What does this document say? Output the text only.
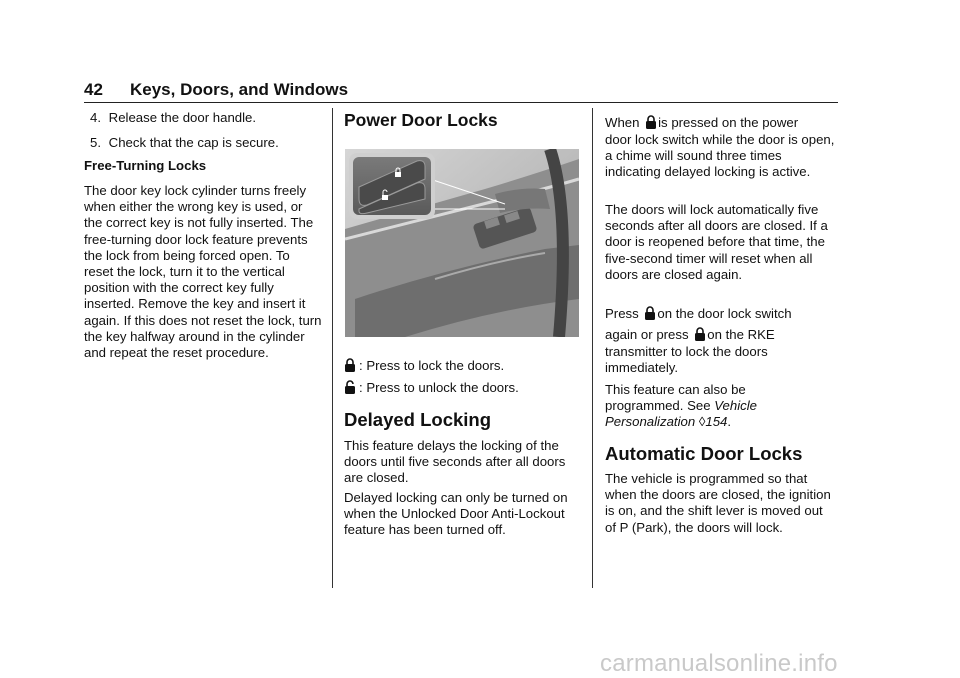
42 Keys, Doors, and Windows
4. Release the door handle.
5. Check that the cap is secure.
Free-Turning Locks
The door key lock cylinder turns freely when either the wrong key is used, or the correct key is not fully inserted. The free-turning door lock feature prevents the lock from being forced open. To reset the lock, turn it to the vertical position with the correct key fully inserted. Remove the key and insert it again. If this does not reset the lock, turn the key halfway around in the cylinder and repeat the reset procedure.
Power Door Locks
: Press to lock the doors.
: Press to unlock the doors.
Delayed Locking
This feature delays the locking of the doors until five seconds after all doors are closed.
Delayed locking can only be turned on when the Unlocked Door Anti-Lockout feature has been turned off.
When is pressed on the power
door lock switch while the door is open, a chime will sound three times indicating delayed locking is active.
The doors will lock automatically five seconds after all doors are closed. If a door is reopened before that time, the five-second timer will reset when all doors are closed again.
Press on the door lock switch
again or press on the RKE
transmitter to lock the doors immediately.
This feature can also be programmed. See Vehicle Personalization ◊154.
Automatic Door Locks
The vehicle is programmed so that when the doors are closed, the ignition is on, and the shift lever is moved out of P (Park), the doors will lock.
carmanualsonline.info
